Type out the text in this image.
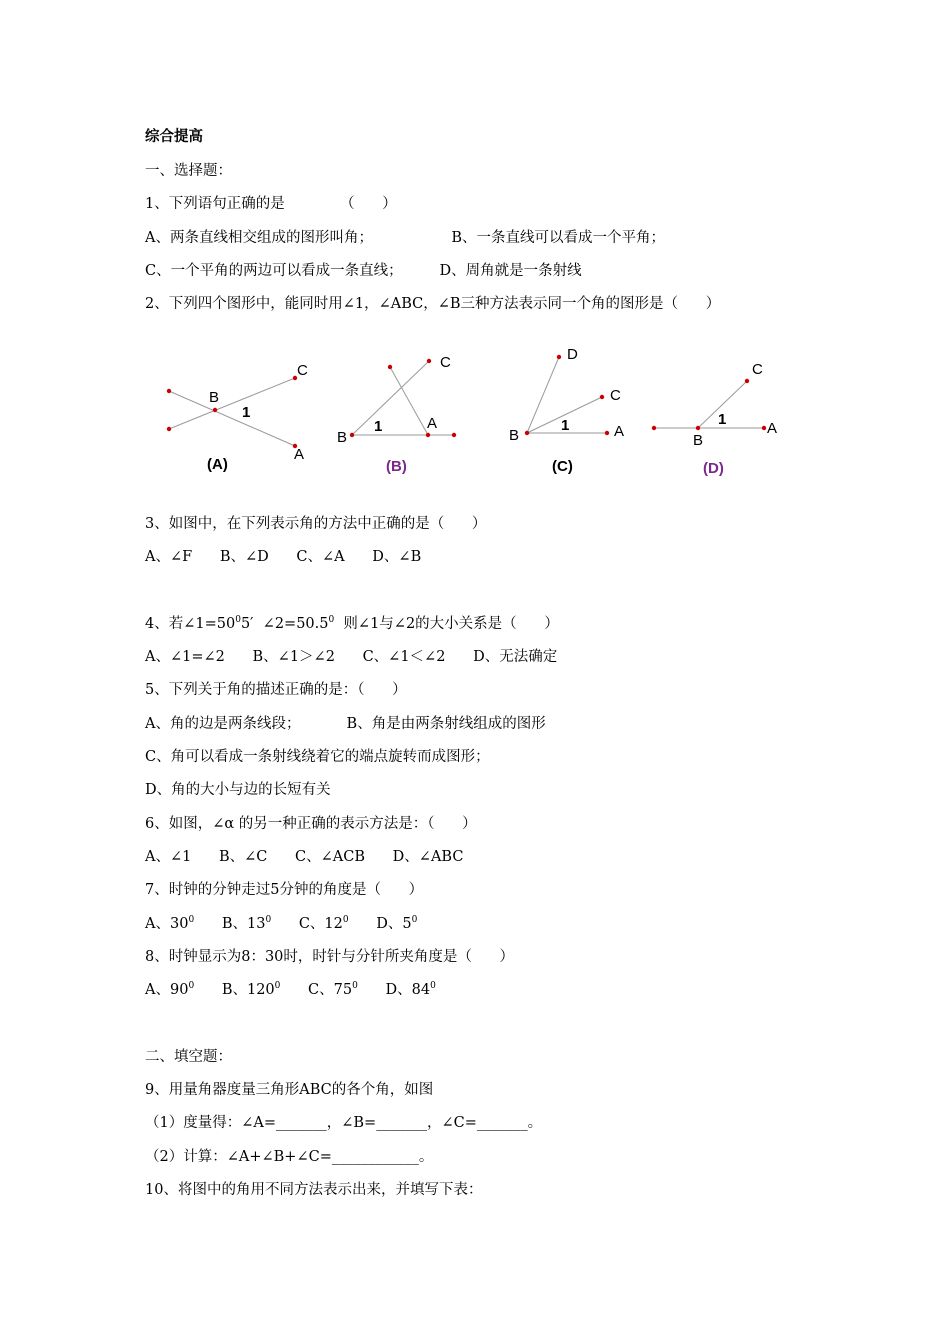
综合提高
一、选择题：
1、下列语句正确的是            （      ）
A、两条直线相交组成的图形叫角；                 B、一条直线可以看成一个平角；
C、一个平角的两边可以看成一条直线；        D、周角就是一条射线
2、下列四个图形中，能同时用∠1，∠ABC，∠B三种方法表示同一个角的图形是（      ）
B
1
C
A
(A)
B
1	A
C
(B)
D
C
B
1	A
(C)
C
1
B
A
(D)
3、如图中，在下列表示角的方法中正确的是（      ）
A、∠F      B、∠D      C、∠A      D、∠B
4、若$\angle 1=50^05'$  $\angle 2=50.5^0$  则∠1与∠2的大小关系是（      ）
A、∠1=∠2      B、∠1＞∠2      C、∠1＜∠2      D、无法确定
5、下列关于角的描述正确的是：（      ）
A、角的边是两条线段；          B、角是由两条射线组成的图形
C、角可以看成一条射线绕着它的端点旋转而成图形；
D、角的大小与边的长短有关
6、如图，∠α 的另一种正确的表示方法是：（      ）
A、∠1      B、∠C      C、∠ACB      D、∠ABC
7、时钟的分钟走过5分钟的角度是（      ）
A、$30^0$      B、$13^0$      C、$12^0$      D、$5^0$
8、时钟显示为8：30时，时针与分针所夹角度是（      ）
A、$90^0$      B、$120^0$      C、$75^0$      D、$84^0$
二、填空题：
9、用量角器度量三角形ABC的各个角，如图
（1）度量得：∠A=_______，∠B=_______，∠C=_______。
（2）计算：∠A+∠B+∠C=____________。
10、将图中的角用不同方法表示出来，并填写下表：
